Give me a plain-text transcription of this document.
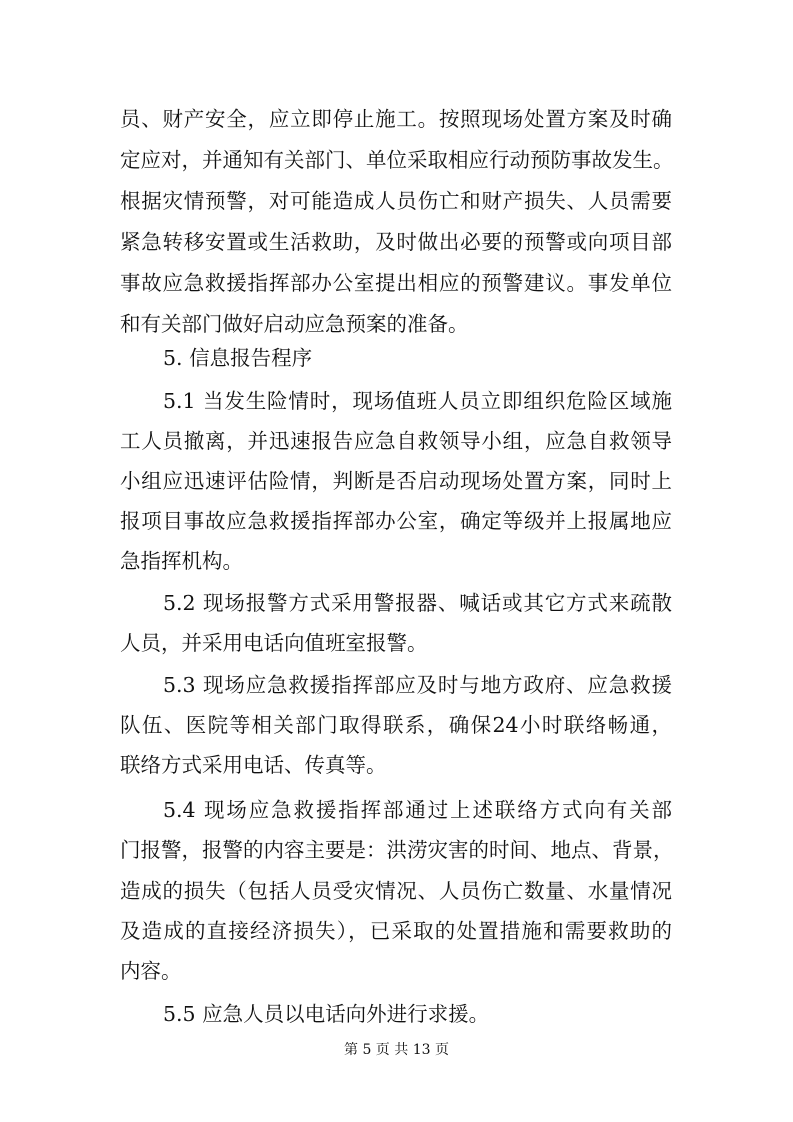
员、财产安全，应立即停止施工。按照现场处置方案及时确
定应对，并通知有关部门、单位采取相应行动预防事故发生。
根据灾情预警，对可能造成人员伤亡和财产损失、人员需要
紧急转移安置或生活救助，及时做出必要的预警或向项目部
事故应急救援指挥部办公室提出相应的预警建议。事发单位
和有关部门做好启动应急预案的准备。
5. 信息报告程序
5.1 当发生险情时，现场值班人员立即组织危险区域施
工人员撤离，并迅速报告应急自救领导小组，应急自救领导
小组应迅速评估险情，判断是否启动现场处置方案，同时上
报项目事故应急救援指挥部办公室，确定等级并上报属地应
急指挥机构。
5.2 现场报警方式采用警报器、喊话或其它方式来疏散
人员，并采用电话向值班室报警。
5.3 现场应急救援指挥部应及时与地方政府、应急救援
队伍、医院等相关部门取得联系，确保24小时联络畅通，
联络方式采用电话、传真等。
5.4 现场应急救援指挥部通过上述联络方式向有关部
门报警，报警的内容主要是：洪涝灾害的时间、地点、背景，
造成的损失（包括人员受灾情况、人员伤亡数量、水量情况
及造成的直接经济损失），已采取的处置措施和需要救助的
内容。
5.5 应急人员以电话向外进行求援。
第 5 页 共 13 页
